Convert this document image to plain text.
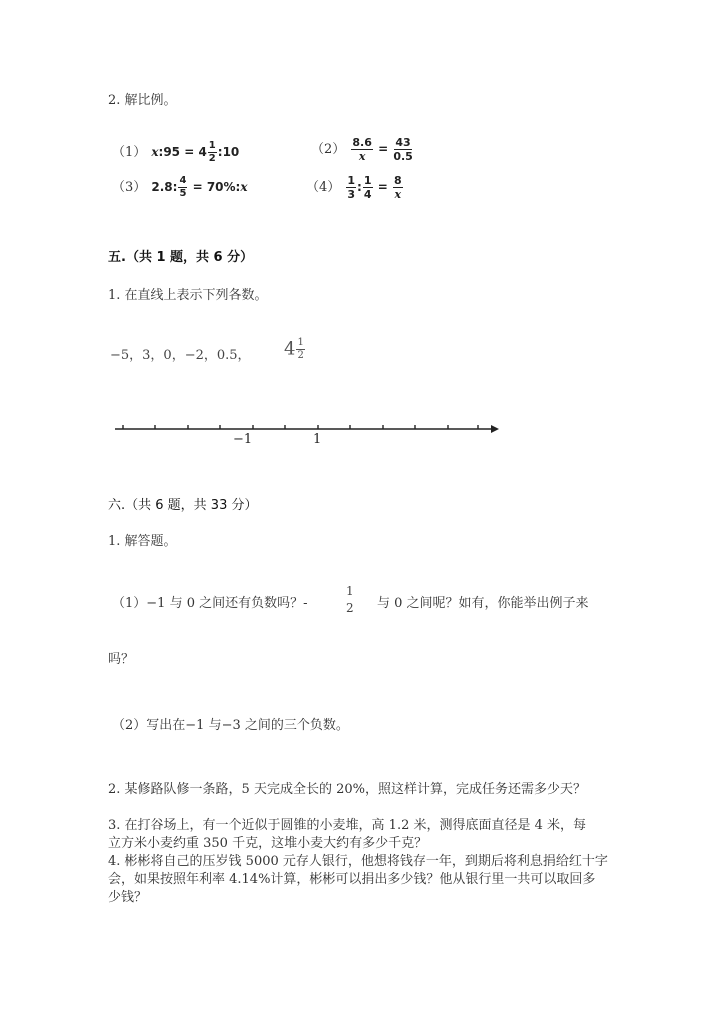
2. 解比例。
（1） x:95 = $4 \frac{1}{2}$ :10	$(2) \frac{8.6}{x} = \frac{43}{0.5}$
（3） 2.8: $\frac{4}{5}$ = 70%:x	$(4) \frac{1}{3}$ : $\frac{1}{4} = \frac{8}{x}$
五.（共 1 题，共 6 分）
1. 在直线上表示下列各数。
−5，3，0，−2，0.5， $4 \frac{1}{2}$
−1	1
六.（共 6 题，共 33 分）
1. 解答题。
（1）−1 与 0 之间还有负数吗？-
1
2 与 0 之间呢？如有，你能举出例子来
吗？
（2）写出在−1 与−3 之间的三个负数。
2. 某修路队修一条路，5 天完成全长的 20%，照这样计算，完成任务还需多少天？
3. 在打谷场上，有一个近似于圆锥的小麦堆，高 1.2 米，测得底面直径是 4 米，每立方米小麦约重 350 千克，这堆小麦大约有多少千克？
4. 彬彬将自己的压岁钱 5000 元存人银行，他想将钱存一年，到期后将利息捐给红十字会，如果按照年利率 4.14%计算，彬彬可以捐出多少钱？他从银行里一共可以取回多少钱？
